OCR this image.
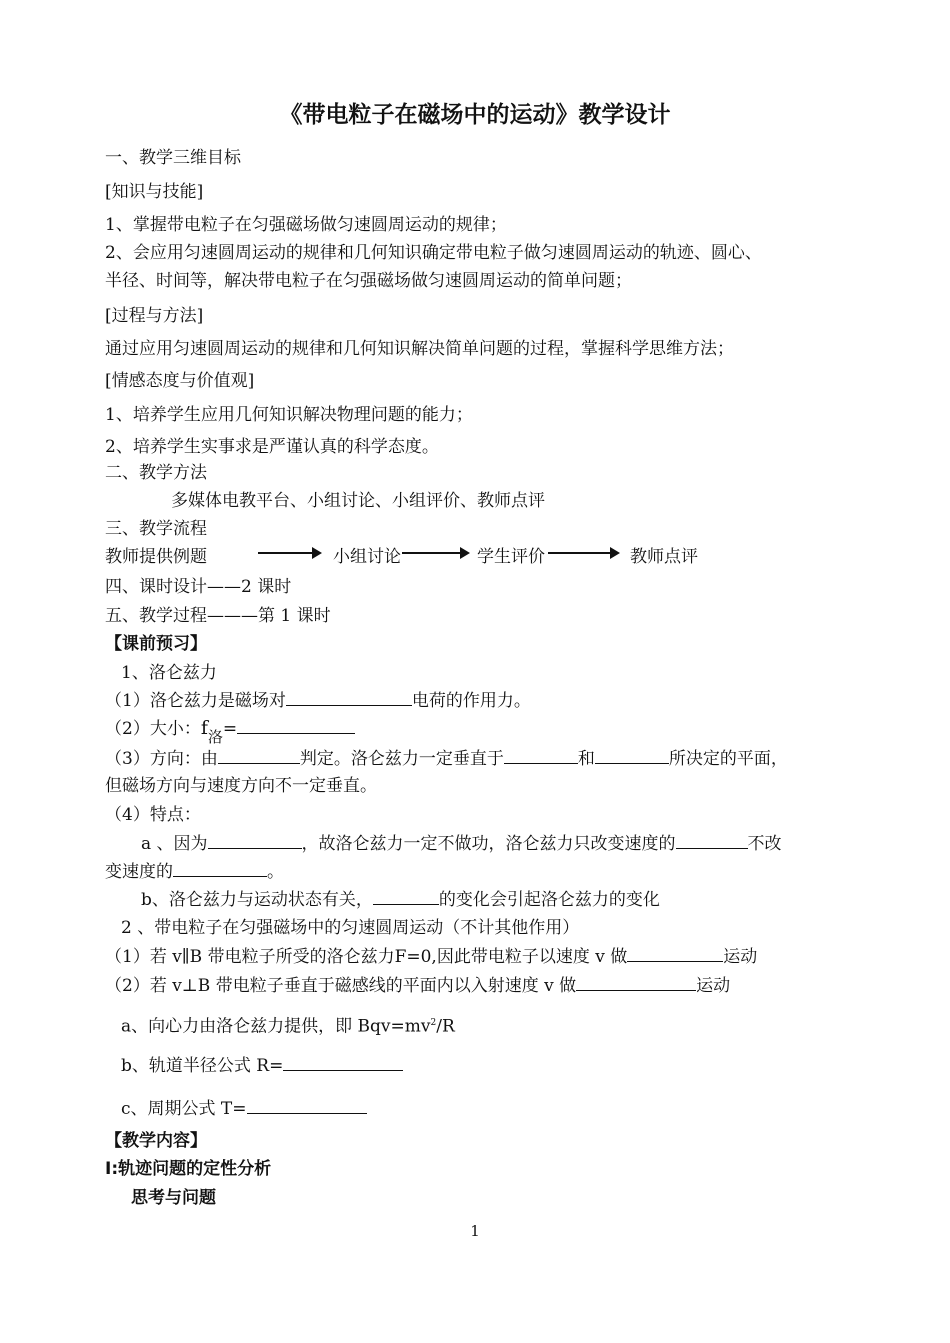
《带电粒子在磁场中的运动》教学设计
一、教学三维目标
[知识与技能]
1、掌握带电粒子在匀强磁场做匀速圆周运动的规律；
2、会应用匀速圆周运动的规律和几何知识确定带电粒子做匀速圆周运动的轨迹、圆心、
半径、时间等，解决带电粒子在匀强磁场做匀速圆周运动的简单问题；
[过程与方法]
通过应用匀速圆周运动的规律和几何知识解决简单问题的过程，掌握科学思维方法；
[情感态度与价值观]
1、培养学生应用几何知识解决物理问题的能力；
2、培养学生实事求是严谨认真的科学态度。
二、教学方法
多媒体电教平台、小组讨论、小组评价、教师点评
三、教学流程
教师提供例题	小组讨论	学生评价	教师点评
四、课时设计——2 课时
五、教学过程———第 1 课时
【课前预习】
1、洛仑兹力
（1）洛仑兹力是磁场对	电荷的作用力。
（2）大小：f洛=
（3）方向：由	判定。洛仑兹力一定垂直于	和	所决定的平面，
但磁场方向与速度方向不一定垂直。
（4）特点：
a 、因为	，故洛仑兹力一定不做功，洛仑兹力只改变速度的	不改
变速度的	。
b、洛仑兹力与运动状态有关，	的变化会引起洛仑兹力的变化
2 、带电粒子在匀强磁场中的匀速圆周运动（不计其他作用）
（1）若 v∥B 带电粒子所受的洛仑兹力F=0,因此带电粒子以速度 v 做	运动
（2）若 v⊥B 带电粒子垂直于磁感线的平面内以入射速度 v 做	运动
a、向心力由洛仑兹力提供，即 $Bqv=mv^2/R$
b、轨道半径公式 R=
c、周期公式 T=
【教学内容】
Ⅰ:轨迹问题的定性分析
思考与问题
1
